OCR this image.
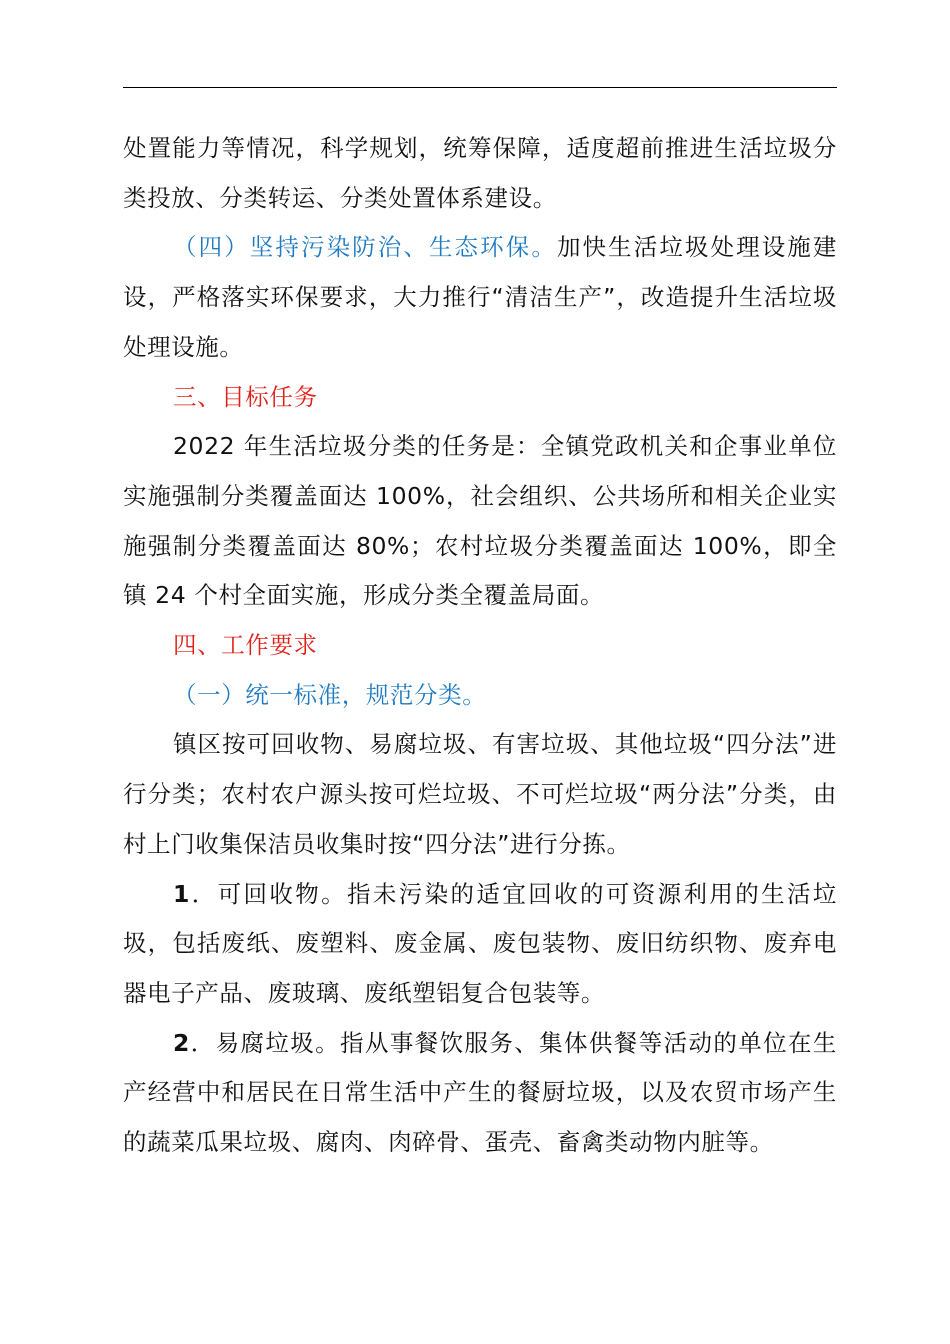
处置能力等情况，科学规划，统筹保障，适度超前推进生活垃圾分类投放、分类转运、分类处置体系建设。

（四）坚持污染防治、生态环保。加快生活垃圾处理设施建设，严格落实环保要求，大力推行“清洁生产”，改造提升生活垃圾处理设施。

三、目标任务

2022 年生活垃圾分类的任务是：全镇党政机关和企事业单位实施强制分类覆盖面达 100%，社会组织、公共场所和相关企业实施强制分类覆盖面达 80%；农村垃圾分类覆盖面达 100%，即全镇 24 个村全面实施，形成分类全覆盖局面。

四、工作要求

（一）统一标准，规范分类。

镇区按可回收物、易腐垃圾、有害垃圾、其他垃圾“四分法”进行分类；农村农户源头按可烂垃圾、不可烂垃圾“两分法”分类，由村上门收集保洁员收集时按“四分法”进行分拣。

1．可回收物。指未污染的适宜回收的可资源利用的生活垃圾，包括废纸、废塑料、废金属、废包装物、废旧纺织物、废弃电器电子产品、废玻璃、废纸塑铝复合包装等。

2．易腐垃圾。指从事餐饮服务、集体供餐等活动的单位在生产经营中和居民在日常生活中产生的餐厨垃圾，以及农贸市场产生的蔬菜瓜果垃圾、腐肉、肉碎骨、蛋壳、畜禽类动物内脏等。
